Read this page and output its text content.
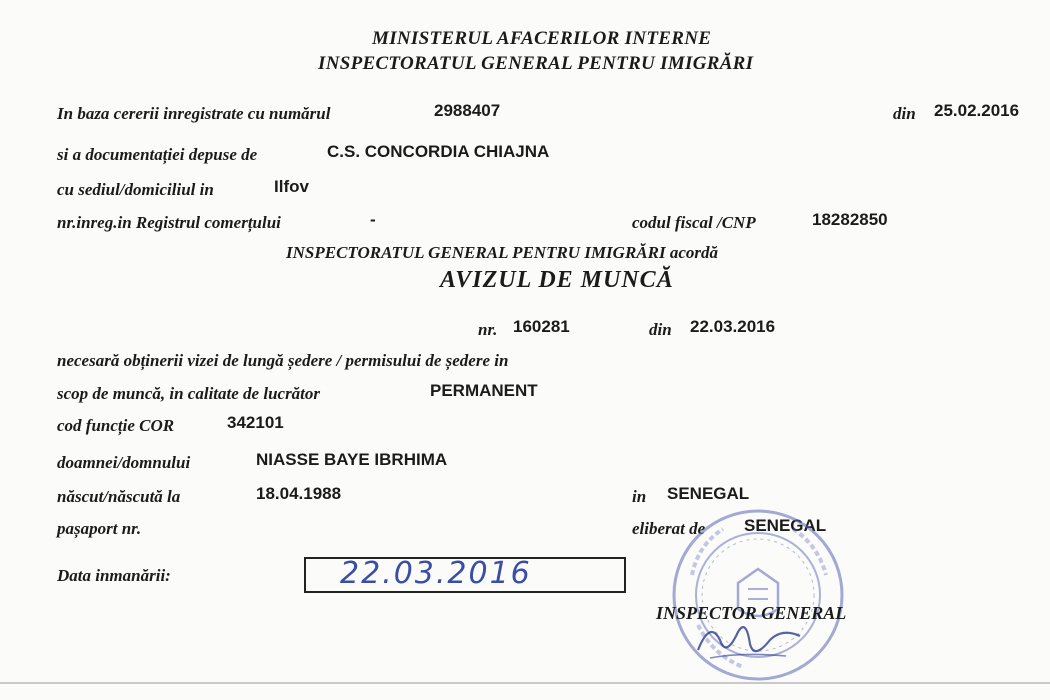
MINISTERUL AFACERILOR INTERNE
INSPECTORATUL GENERAL PENTRU IMIGRĂRI
In baza cererii inregistrate cu numărul	2988407	din 25.02.2016
si a documentației depuse de	C.S. CONCORDIA CHIAJNA
cu sediul/domiciliul in	Ilfov
nr.inreg.in Registrul comerțului	-	codul fiscal /CNP	18282850
INSPECTORATUL GENERAL PENTRU IMIGRĂRI acordă
AVIZUL DE MUNCĂ
nr. 160281	din 22.03.2016
necesară obținerii vizei de lungă ședere / permisului de ședere in
scop de muncă, in calitate de lucrător	PERMANENT
cod funcție COR	342101
doamnei/domnului	NIASSE BAYE IBRHIMA
născut/născută la	18.04.1988	in SENEGAL
pașaport nr.	eliberat de SENEGAL
Data inmanării:	22.03.2016
INSPECTOR GENERAL
